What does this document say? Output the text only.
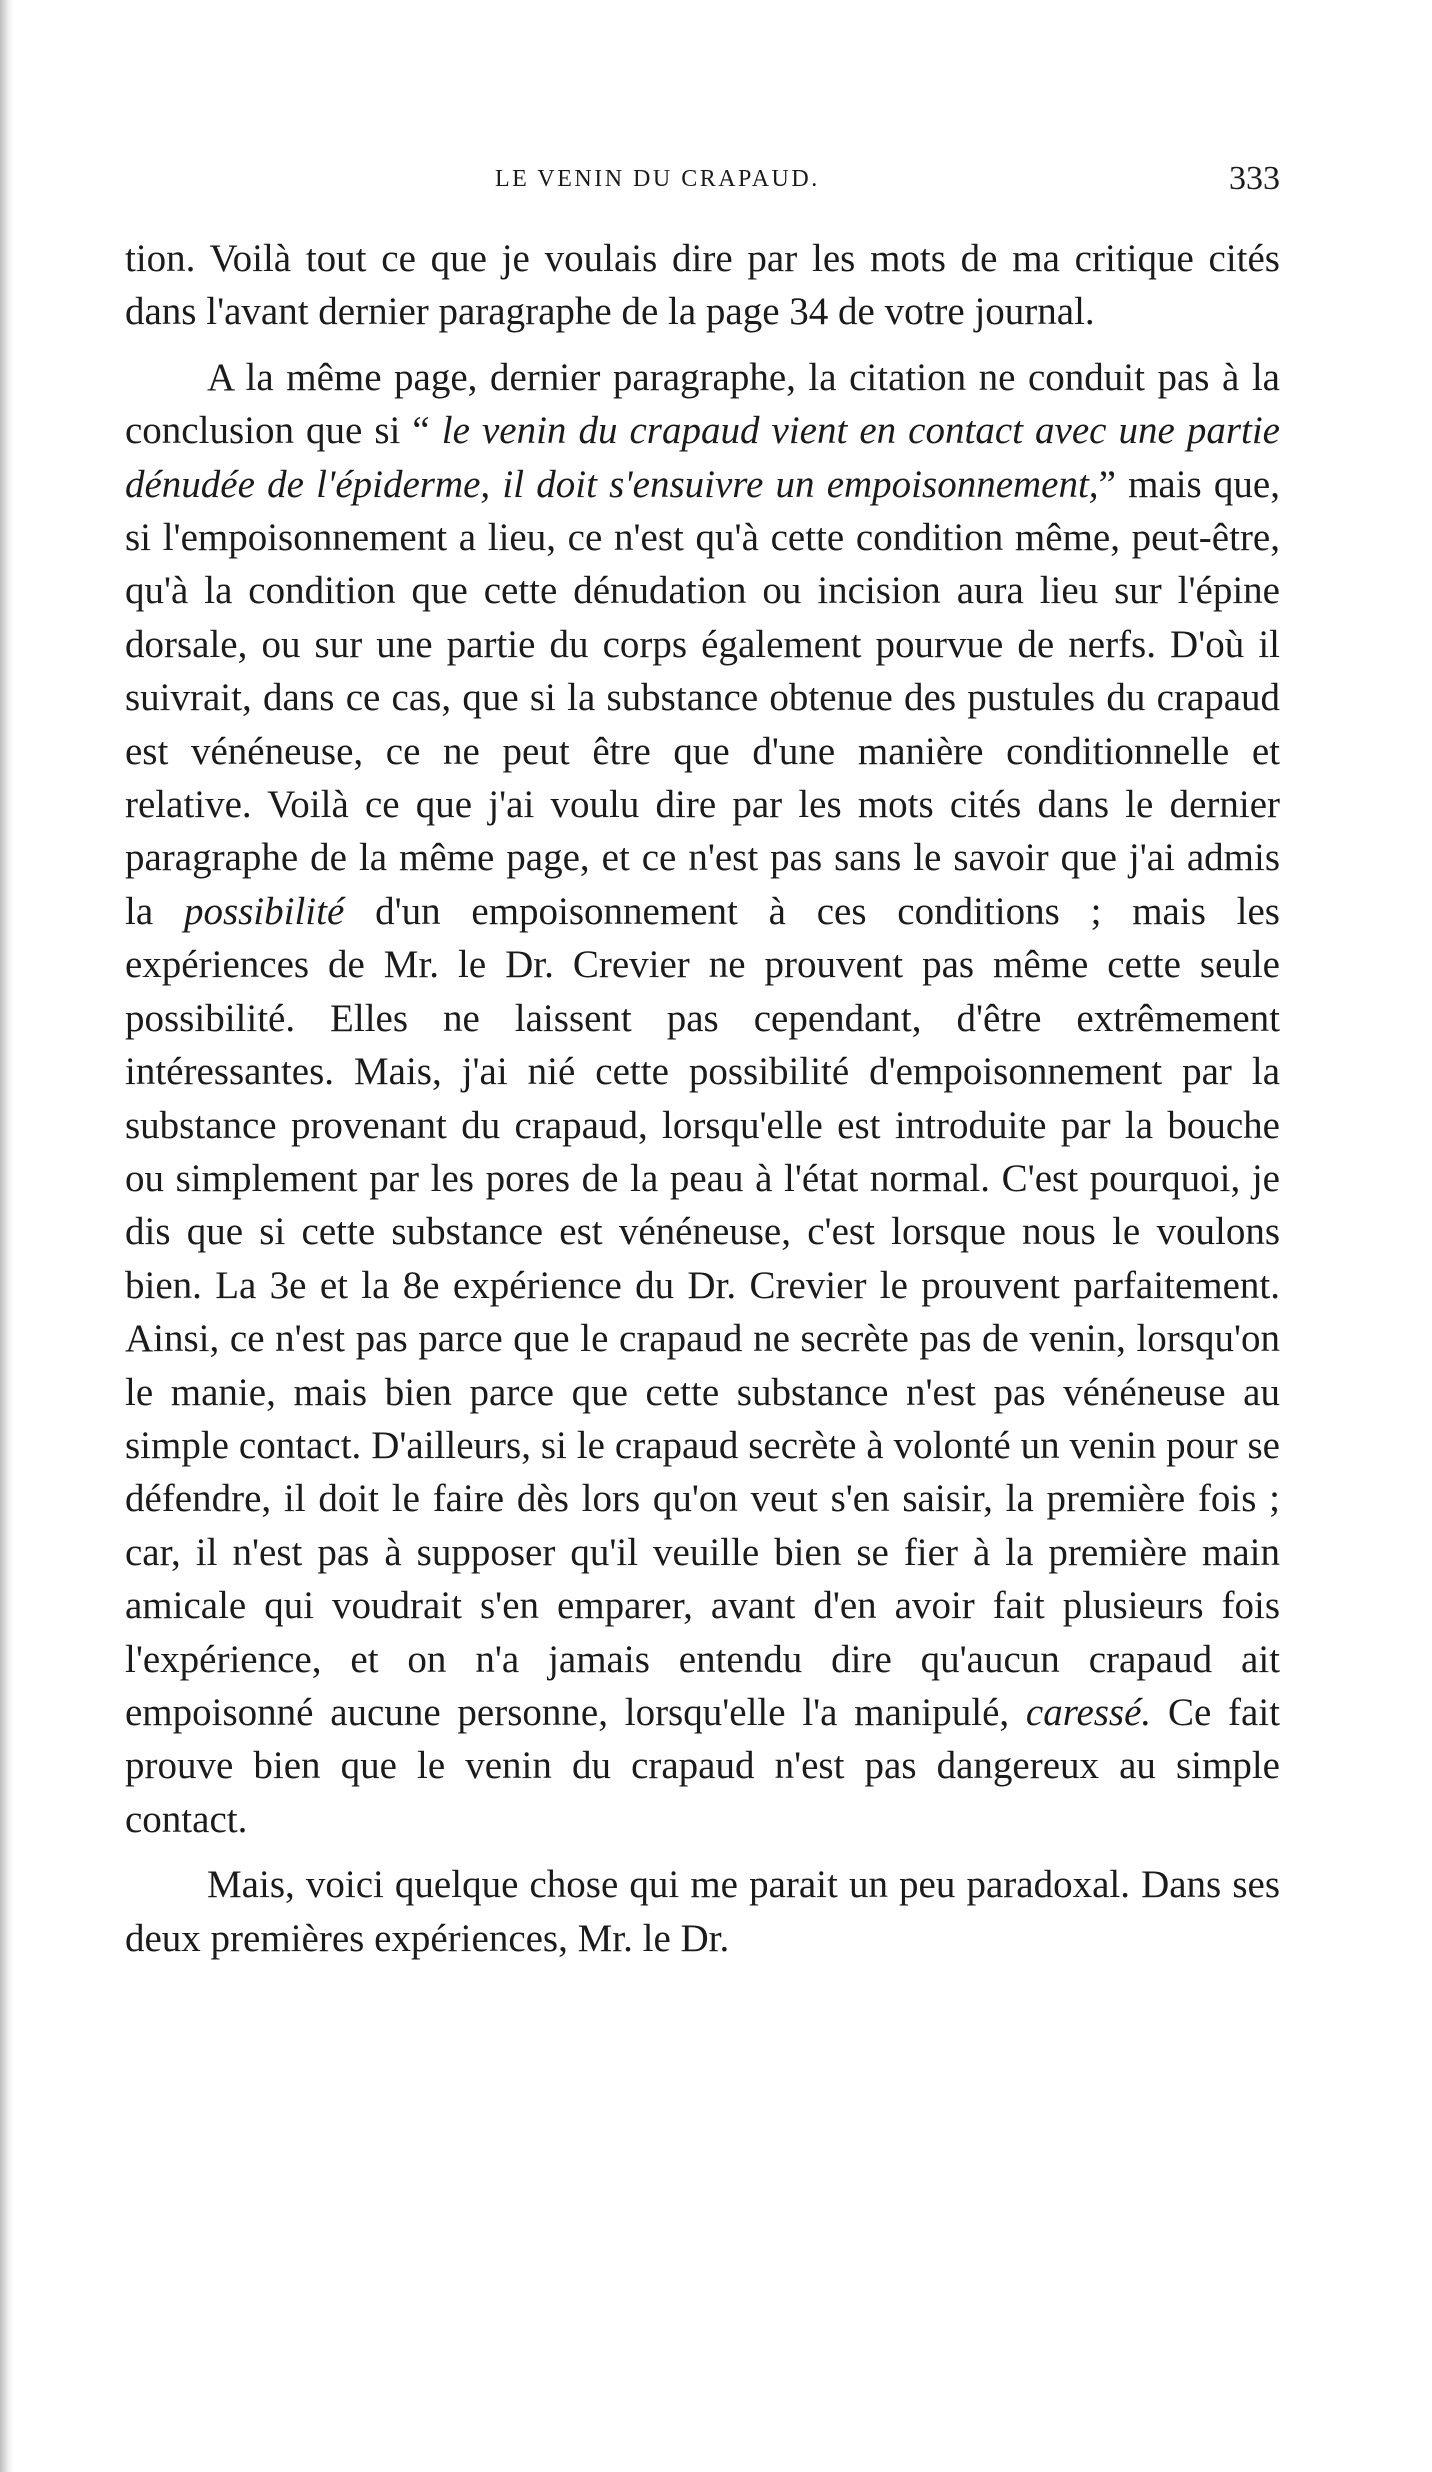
LE VENIN DU CRAPAUD.	333

tion. Voilà tout ce que je voulais dire par les mots de ma critique cités dans l'avant dernier paragraphe de la page 34 de votre journal.

A la même page, dernier paragraphe, la citation ne conduit pas à la conclusion que si “ le venin du crapaud vient en contact avec une partie dénudée de l'épiderme, il doit s'ensuivre un empoisonnement,” mais que, si l'empoisonnement a lieu, ce n'est qu'à cette condition même, peut-être, qu'à la condition que cette dénudation ou incision aura lieu sur l'épine dorsale, ou sur une partie du corps également pourvue de nerfs. D'où il suivrait, dans ce cas, que si la substance obtenue des pustules du crapaud est vénéneuse, ce ne peut être que d'une manière conditionnelle et relative. Voilà ce que j'ai voulu dire par les mots cités dans le dernier paragraphe de la même page, et ce n'est pas sans le savoir que j'ai admis la possibilité d'un empoisonnement à ces conditions ; mais les expériences de Mr. le Dr. Crevier ne prouvent pas même cette seule possibilité. Elles ne laissent pas cependant, d'être extrêmement intéressantes. Mais, j'ai nié cette possibilité d'empoisonnement par la substance provenant du crapaud, lorsqu'elle est introduite par la bouche ou simplement par les pores de la peau à l'état normal. C'est pourquoi, je dis que si cette substance est vénéneuse, c'est lorsque nous le voulons bien. La 3e et la 8e expérience du Dr. Crevier le prouvent parfaitement. Ainsi, ce n'est pas parce que le crapaud ne secrète pas de venin, lorsqu'on le manie, mais bien parce que cette substance n'est pas vénéneuse au simple contact. D'ailleurs, si le crapaud secrète à volonté un venin pour se défendre, il doit le faire dès lors qu'on veut s'en saisir, la première fois ; car, il n'est pas à supposer qu'il veuille bien se fier à la première main amicale qui voudrait s'en emparer, avant d'en avoir fait plusieurs fois l'expérience, et on n'a jamais entendu dire qu'aucun crapaud ait empoisonné aucune personne, lorsqu'elle l'a manipulé, caressé. Ce fait prouve bien que le venin du crapaud n'est pas dangereux au simple contact.

Mais, voici quelque chose qui me parait un peu paradoxal. Dans ses deux premières expériences, Mr. le Dr.
